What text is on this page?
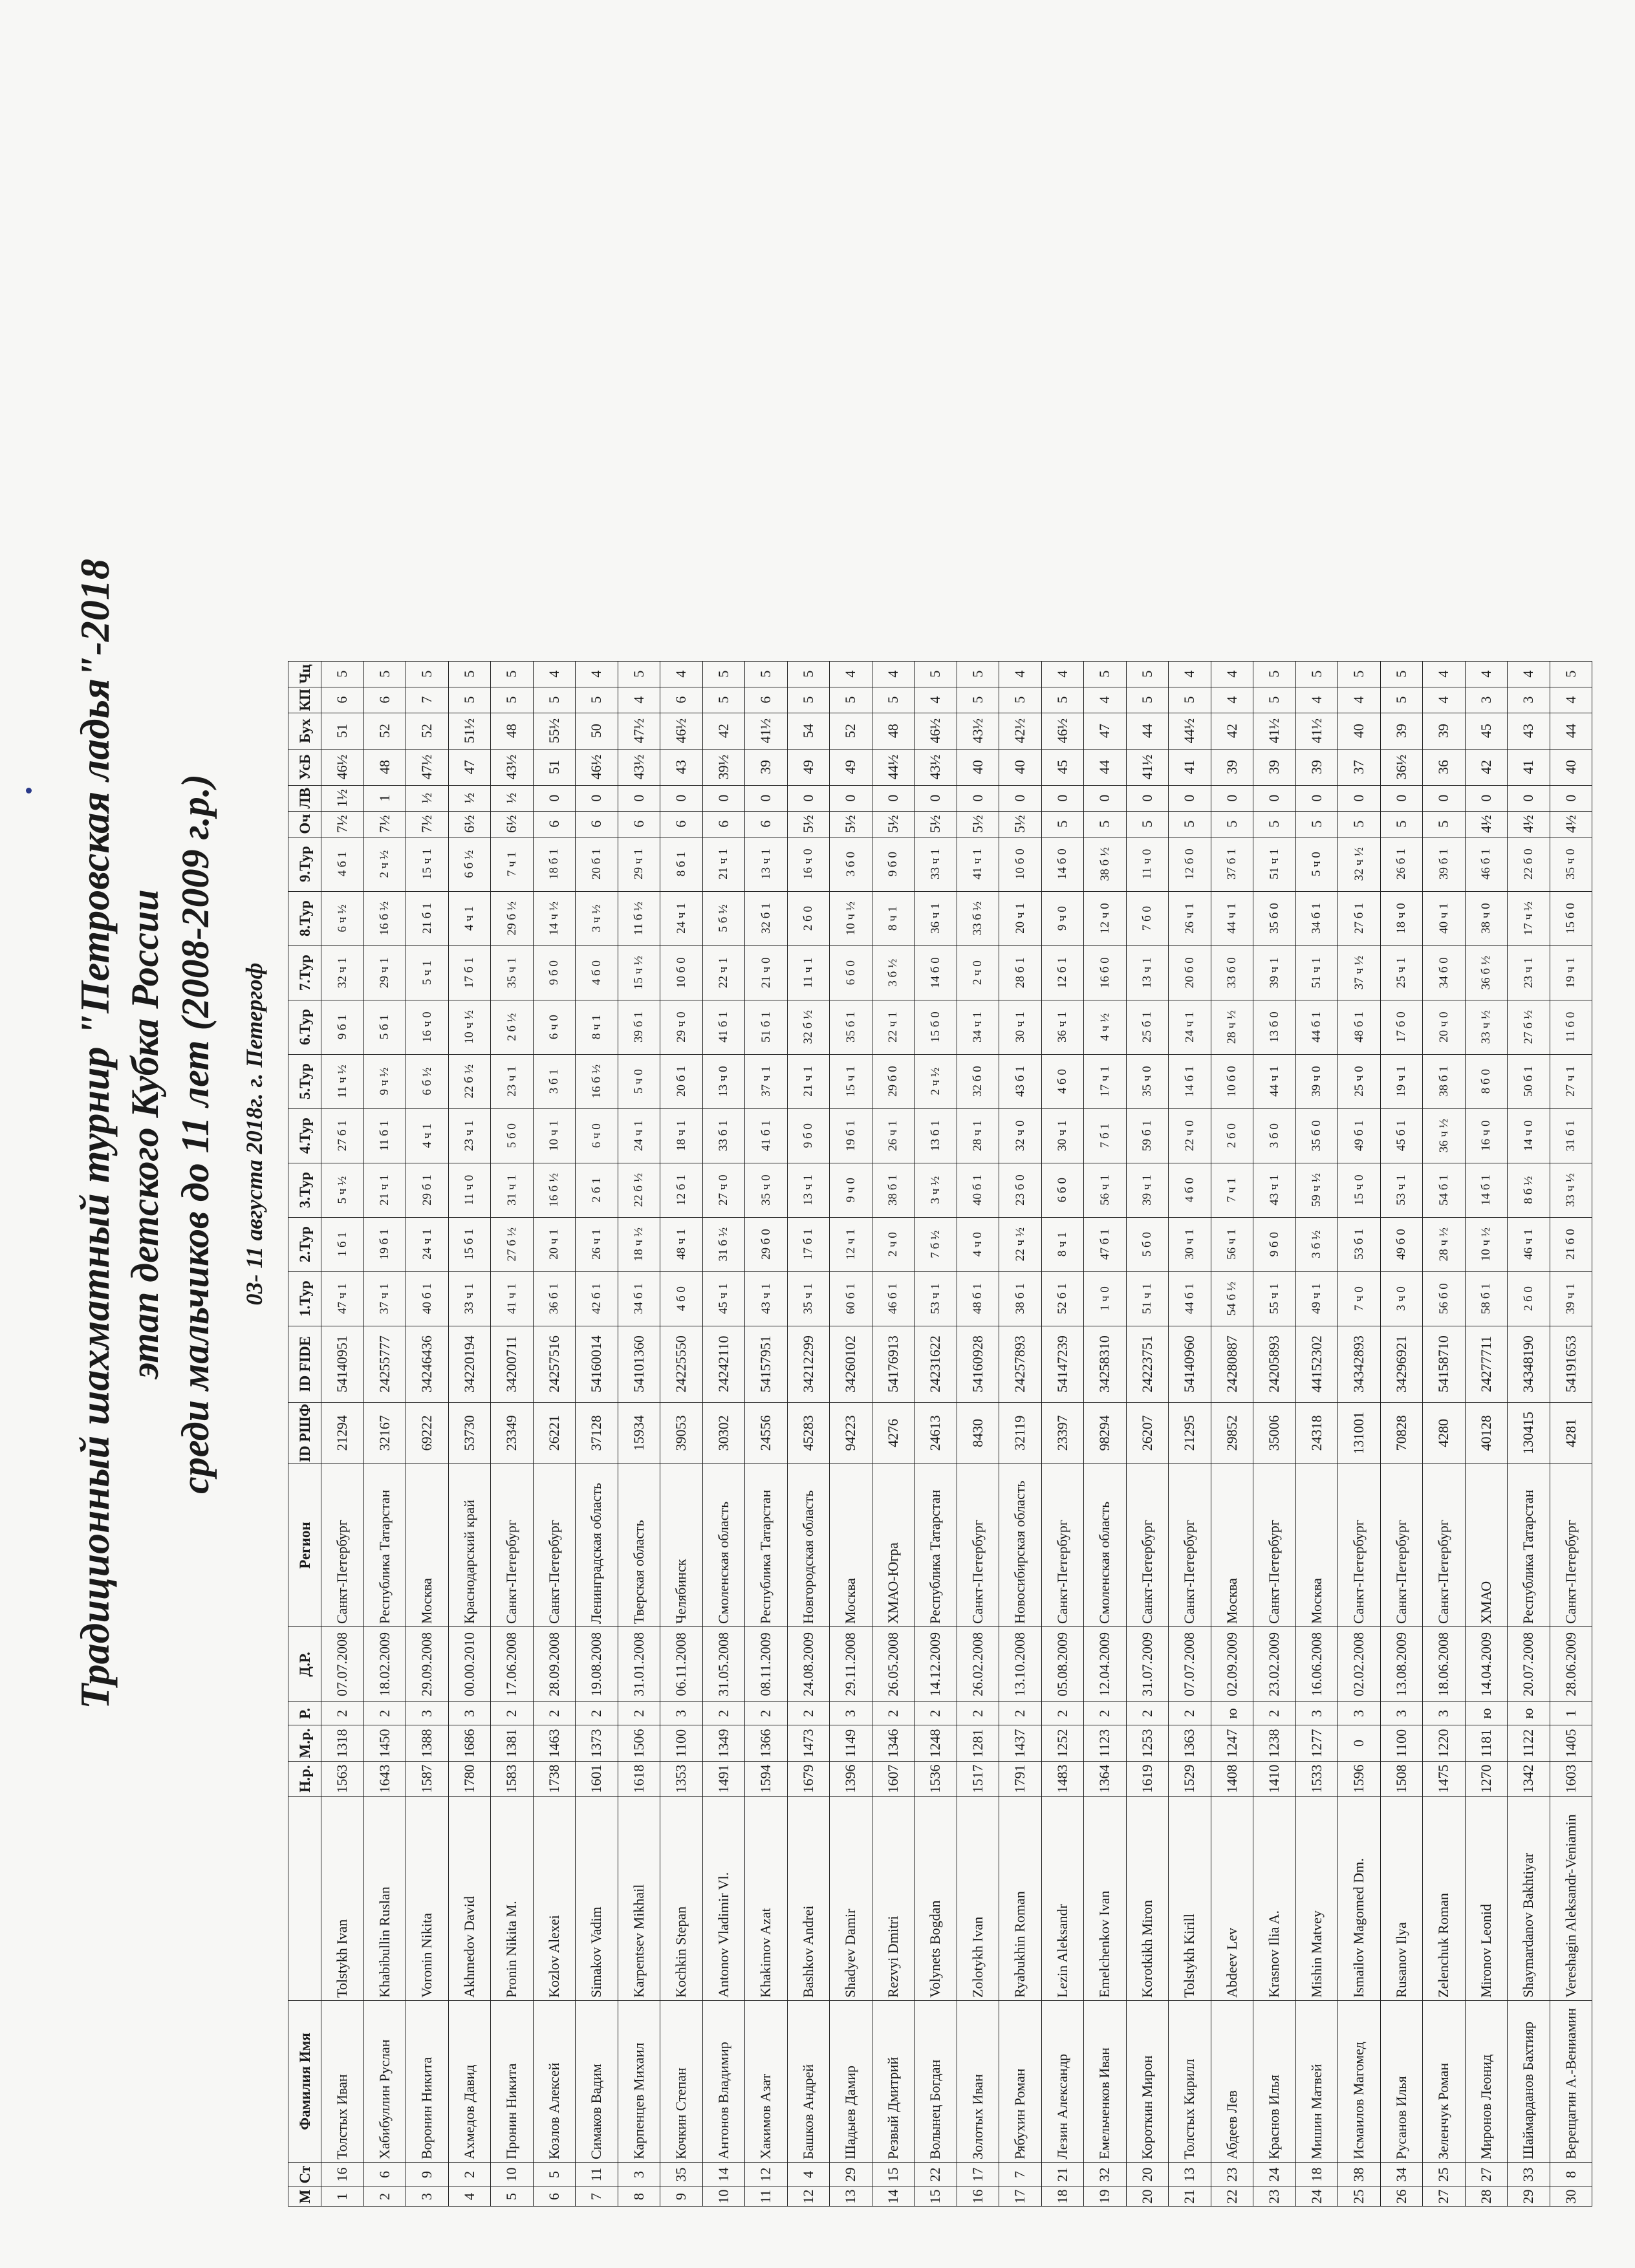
Традиционный шахматный турнир "Петровская ладья"-2018 этап детского Кубка России среди мальчиков до 11 лет (2008-2009 г.р.) 03- 11 августа 2018г. г. Петергоф
М	Ст	Фамилия Имя		Н.р.	М.р.	Р.	Д.Р.	Регион	ID РШФ	ID FIDE	1.Тур	2.Тур	3.Тур	4.Тур	5.Тур	6.Тур	7.Тур	8.Тур	9.Тур	Оч	ЛВ	УсБ	Бух	КП	Чц
1	16	Толстых Иван	Tolstykh Ivan	1563	1318	2	07.07.2008	Санкт-Петербург	21294	54140951	47 ч 1	1 б 1	5 ч ½	27 б 1	11 ч ½	9 б 1	32 ч 1	6 ч ½	4 б 1	7½	1½	46½	51	6	5
2	6	Хабибуллин Руслан	Khabibullin Ruslan	1643	1450	2	18.02.2009	Республика Татарстан	32167	24255777	37 ч 1	19 б 1	21 ч 1	11 б 1	9 ч ½	5 б 1	29 ч 1	16 б ½	2 ч ½	7½	1	48	52	6	5
3	9	Воронин Никита	Voronin Nikita	1587	1388	3	29.09.2008	Москва	69222	34246436	40 б 1	24 ч 1	29 б 1	4 ч 1	6 б ½	16 ч 0	5 ч 1	21 б 1	15 ч 1	7½	½	47½	52	7	5
4	2	Ахмедов Давид	Akhmedov David	1780	1686	3	00.00.2010	Краснодарский край	53730	34220194	33 ч 1	15 б 1	11 ч 0	23 ч 1	22 б ½	10 ч ½	17 б 1	4 ч 1	6 б ½	6½	½	47	51½	5	5
5	10	Пронин Никита	Pronin Nikita M.	1583	1381	2	17.06.2008	Санкт-Петербург	23349	34200711	41 ч 1	27 б ½	31 ч 1	5 б 0	23 ч 1	2 б ½	35 ч 1	29 б ½	7 ч 1	6½	½	43½	48	5	5
6	5	Козлов Алексей	Kozlov Alexei	1738	1463	2	28.09.2008	Санкт-Петербург	26221	24257516	36 б 1	20 ч 1	16 б ½	10 ч 1	3 б 1	6 ч 0	9 б 0	14 ч ½	18 б 1	6	0	51	55½	5	4
7	11	Симаков Вадим	Simakov Vadim	1601	1373	2	19.08.2008	Ленинградская область	37128	54160014	42 б 1	26 ч 1	2 б 1	6 ч 0	16 б ½	8 ч 1	4 б 0	3 ч ½	20 б 1	6	0	46½	50	5	4
8	3	Карпенцев Михаил	Karpentsev Mikhail	1618	1506	2	31.01.2008	Тверская область	15934	54101360	34 б 1	18 ч ½	22 б ½	24 ч 1	5 ч 0	39 б 1	15 ч ½	11 б ½	29 ч 1	6	0	43½	47½	4	5
9	35	Кочкин Степан	Kochkin Stepan	1353	1100	3	06.11.2008	Челябинск	39053	24225550	4 б 0	48 ч 1	12 б 1	18 ч 1	20 б 1	29 ч 0	10 б 0	24 ч 1	8 б 1	6	0	43	46½	6	4
10	14	Антонов Владимир	Antonov Vladimir Vl.	1491	1349	2	31.05.2008	Смоленская область	30302	24242110	45 ч 1	31 б ½	27 ч 0	33 б 1	13 ч 0	41 б 1	22 ч 1	5 б ½	21 ч 1	6	0	39½	42	5	5
11	12	Хакимов Азат	Khakimov Azat	1594	1366	2	08.11.2009	Республика Татарстан	24556	54157951	43 ч 1	29 б 0	35 ч 0	41 б 1	37 ч 1	51 б 1	21 ч 0	32 б 1	13 ч 1	6	0	39	41½	6	5
12	4	Башков Андрей	Bashkov Andrei	1679	1473	2	24.08.2009	Новгородская область	45283	34212299	35 ч 1	17 б 1	13 ч 1	9 б 0	21 ч 1	32 б ½	11 ч 1	2 б 0	16 ч 0	5½	0	49	54	5	5
13	29	Шадыев Дамир	Shadyev Damir	1396	1149	3	29.11.2008	Москва	94223	34260102	60 б 1	12 ч 1	9 ч 0	19 б 1	15 ч 1	35 б 1	6 б 0	10 ч ½	3 б 0	5½	0	49	52	5	4
14	15	Резвый Дмитрий	Rezvyi Dmitri	1607	1346	2	26.05.2008	ХМАО-Югра	4276	54176913	46 б 1	2 ч 0	38 б 1	26 ч 1	29 б 0	22 ч 1	3 б ½	8 ч 1	9 б 0	5½	0	44½	48	5	4
15	22	Волынец Богдан	Volynets Bogdan	1536	1248	2	14.12.2009	Республика Татарстан	24613	24231622	53 ч 1	7 б ½	3 ч ½	13 б 1	2 ч ½	15 б 0	14 б 0	36 ч 1	33 ч 1	5½	0	43½	46½	4	5
16	17	Золотых Иван	Zolotykh Ivan	1517	1281	2	26.02.2008	Санкт-Петербург	8430	54160928	48 б 1	4 ч 0	40 б 1	28 ч 1	32 б 0	34 ч 1	2 ч 0	33 б ½	41 ч 1	5½	0	40	43½	5	5
17	7	Рябухин Роман	Ryabukhin Roman	1791	1437	2	13.10.2008	Новосибирская область	32119	24257893	38 б 1	22 ч ½	23 б 0	32 ч 0	43 б 1	30 ч 1	28 б 1	20 ч 1	10 б 0	5½	0	40	42½	5	4
18	21	Лезин Александр	Lezin Aleksandr	1483	1252	2	05.08.2009	Санкт-Петербург	23397	54147239	52 б 1	8 ч 1	6 б 0	30 ч 1	4 б 0	36 ч 1	12 б 1	9 ч 0	14 б 0	5	0	45	46½	5	4
19	32	Емельченков Иван	Emelchenkov Ivan	1364	1123	2	12.04.2009	Смоленская область	98294	34258310	1 ч 0	47 б 1	56 ч 1	7 б 1	17 ч 1	4 ч ½	16 б 0	12 ч 0	38 б ½	5	0	44	47	4	5
20	20	Короткин Мирон	Korotkikh Miron	1619	1253	2	31.07.2009	Санкт-Петербург	26207	24223751	51 ч 1	5 б 0	39 ч 1	59 б 1	35 ч 0	25 б 1	13 ч 1	7 б 0	11 ч 0	5	0	41½	44	5	5
21	13	Толстых Кирилл	Tolstykh Kirill	1529	1363	2	07.07.2008	Санкт-Петербург	21295	54140960	44 б 1	30 ч 1	4 б 0	22 ч 0	14 б 1	24 ч 1	20 б 0	26 ч 1	12 б 0	5	0	41	44½	5	4
22	23	Абдеев Лев	Abdeev Lev	1408	1247	ю	02.09.2009	Москва	29852	24280887	54 б ½	56 ч 1	7 ч 1	2 б 0	10 б 0	28 ч ½	33 б 0	44 ч 1	37 б 1	5	0	39	42	4	4
23	24	Краснов Илья	Krasnov Ilia A.	1410	1238	2	23.02.2009	Санкт-Петербург	35006	24205893	55 ч 1	9 б 0	43 ч 1	3 б 0	44 ч 1	13 б 0	39 ч 1	35 б 0	51 ч 1	5	0	39	41½	5	5
24	18	Мишин Матвей	Mishin Matvey	1533	1277	3	16.06.2008	Москва	24318	44152302	49 ч 1	3 б ½	59 ч ½	35 б 0	39 ч 0	44 б 1	51 ч 1	34 б 1	5 ч 0	5	0	39	41½	4	5
25	38	Исмаилов Магомед	Ismailov Magomed Dm.	1596	0	3	02.02.2008	Санкт-Петербург	131001	34342893	7 ч 0	53 б 1	15 ч 0	49 б 1	25 ч 0	48 б 1	37 ч ½	27 б 1	32 ч ½	5	0	37	40	4	5
26	34	Русанов Илья	Rusanov Ilya	1508	1100	3	13.08.2009	Санкт-Петербург	70828	34296921	3 ч 0	49 б 0	53 ч 1	45 б 1	19 ч 1	17 б 0	25 ч 1	18 ч 0	26 б 1	5	0	36½	39	5	5
27	25	Зеленчук Роман	Zelenchuk Roman	1475	1220	3	18.06.2008	Санкт-Петербург	4280	54158710	56 б 0	28 ч ½	54 б 1	36 ч ½	38 б 1	20 ч 0	34 б 0	40 ч 1	39 б 1	5	0	36	39	4	4
28	27	Миронов Леонид	Mironov Leonid	1270	1181	ю	14.04.2009	ХМАО	40128	24277711	58 б 1	10 ч ½	14 б 1	16 ч 0	8 б 0	33 ч ½	36 б ½	38 ч 0	46 б 1	4½	0	42	45	3	4
29	33	Шаймарданов Бахтияр	Shaymardanov Bakhtiyar	1342	1122	ю	20.07.2008	Республика Татарстан	130415	34348190	2 б 0	46 ч 1	8 б ½	14 ч 0	50 б 1	27 б ½	23 ч 1	17 ч ½	22 б 0	4½	0	41	43	3	4
30	8	Верещагин А.-Вениамин	Vereshagin Aleksandr-Veniamin	1603	1405	1	28.06.2009	Санкт-Петербург	4281	54191653	39 ч 1	21 б 0	33 ч ½	31 б 1	27 ч 1	11 б 0	19 ч 1	15 б 0	35 ч 0	4½	0	40	44	4	5
